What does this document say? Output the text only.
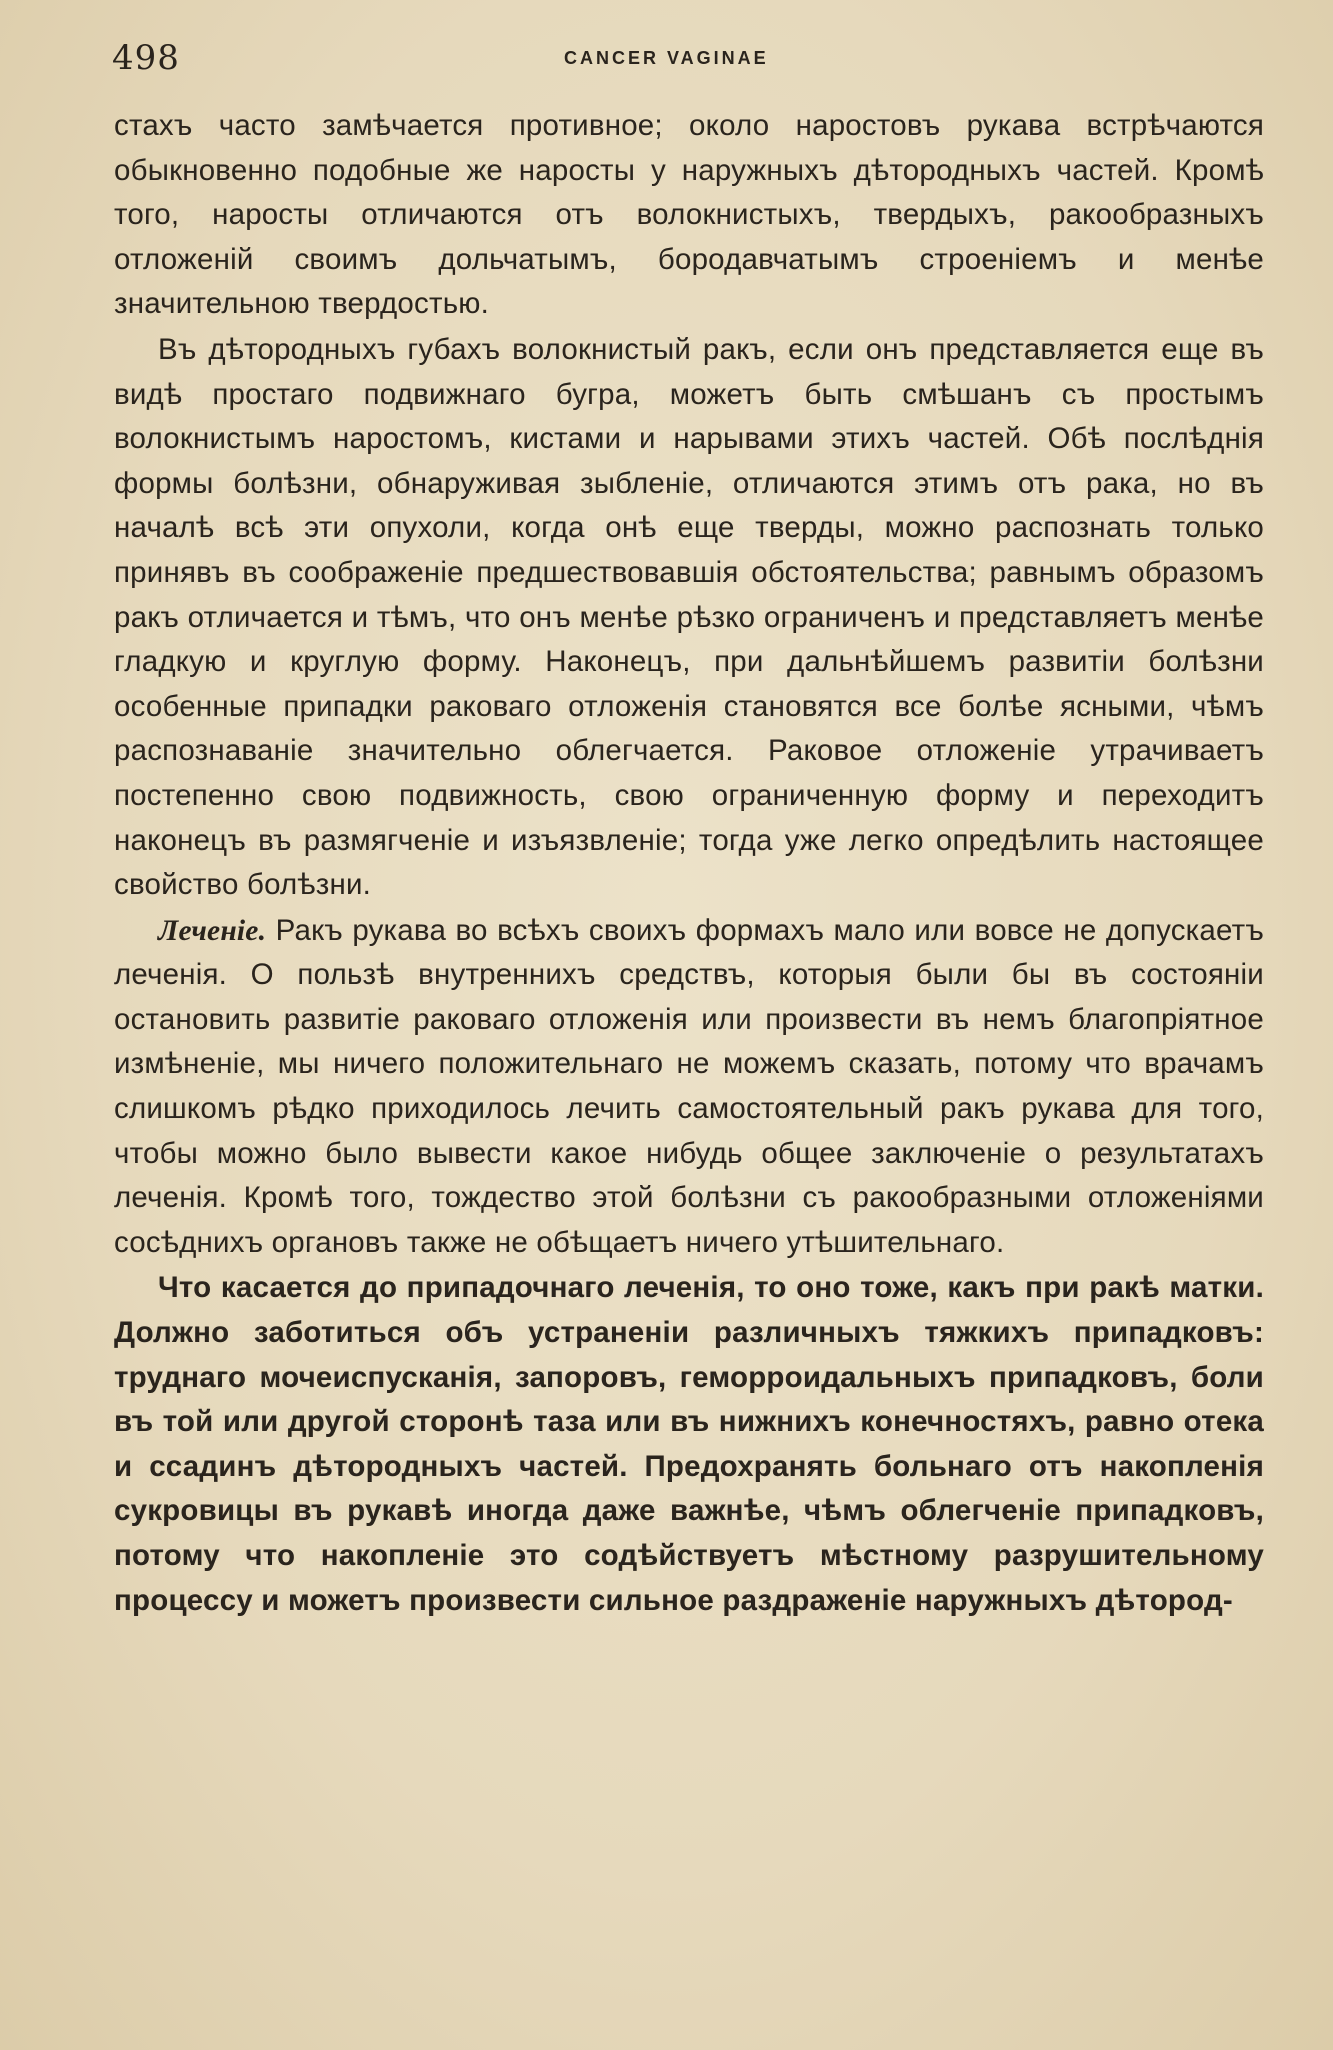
498	CANCER VAGINAE

стахъ часто замѣчается противное; около наростовъ рукава встрѣчаются обыкновенно подобные же наросты у наружныхъ дѣтородныхъ частей. Кромѣ того, наросты отличаются отъ волокнистыхъ, твердыхъ, ракообразныхъ отложенiй своимъ дольчатымъ, бородавчатымъ строенiемъ и менѣе значительною твердостью.

Въ дѣтородныхъ губахъ волокнистый ракъ, если онъ представляется еще въ видѣ простаго подвижнаго бугра, можетъ быть смѣшанъ съ простымъ волокнистымъ наростомъ, кистами и нарывами этихъ частей. Обѣ послѣднiя формы болѣзни, обнаруживая зыбленiе, отличаются этимъ отъ рака, но въ началѣ всѣ эти опухоли, когда онѣ еще тверды, можно распознать только принявъ въ соображенiе предшествовавшiя обстоятельства; равнымъ образомъ ракъ отличается и тѣмъ, что онъ менѣе рѣзко ограниченъ и представляетъ менѣе гладкую и круглую форму. Наконецъ, при дальнѣйшемъ развитiи болѣзни особенные припадки раковаго отложенiя становятся все болѣе ясными, чѣмъ распознаванiе значительно облегчается. Раковое отложенiе утрачиваетъ постепенно свою подвижность, свою ограниченную форму и переходитъ наконецъ въ размягченiе и изъязвленiе; тогда уже легко опредѣлить настоящее свойство болѣзни.

Леченiе. Ракъ рукава во всѣхъ своихъ формахъ мало или вовсе не допускаетъ леченiя. О пользѣ внутреннихъ средствъ, которыя были бы въ состоянiи остановить развитiе раковаго отложенiя или произвести въ немъ благопрiятное измѣненiе, мы ничего положительнаго не можемъ сказать, потому что врачамъ слишкомъ рѣдко приходилось лечить самостоятельный ракъ рукава для того, чтобы можно было вывести какое нибудь общее заключенiе о результатахъ леченiя. Кромѣ того, тождество этой болѣзни съ ракообразными отложенiями сосѣднихъ органовъ также не обѣщаетъ ничего утѣшительнаго.

Что касается до припадочнаго леченiя, то оно тоже, какъ при ракѣ матки. Должно заботиться объ устраненiи различныхъ тяжкихъ припадковъ: труднаго мочеиспусканiя, запоровъ, геморроидальныхъ припадковъ, боли въ той или другой сторонѣ таза или въ нижнихъ конечностяхъ, равно отека и ссадинъ дѣтородныхъ частей. Предохранять больнаго отъ накопленiя сукровицы въ рукавѣ иногда даже важнѣе, чѣмъ облегченiе припадковъ, потому что накопленiе это содѣйствуетъ мѣстному разрушительному процессу и можетъ произвести сильное раздраженiе наружныхъ дѣтород-
